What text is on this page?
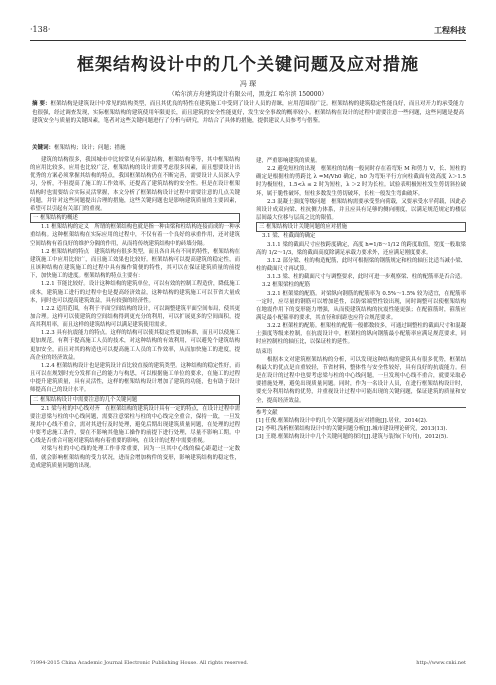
·138·	工程科技
框架结构设计中的几个关键问题及应对措施
冯 琛
（哈尔滨方舟建筑设计有限公司，黑龙江 哈尔滨 150000）
摘 要：框架结构是建筑设计中常见的结构类型，而且其优良的特性在建筑施工中受到了设计人员的青睐，应用范围很广泛。框架结构的建筑稳定性能良好，而且对开力的承受能力也很强，经过调查发现，实际框架结构的建筑使用年限更长，而且建筑的安全性能更好，发生安全事故的概率较小。框架结构在设计的过程中需要注意一些问题，这些问题是提高建筑安全与质量的关键因素，笔者对这些关键问题进行了分析与研究，并结合了具体的措施，提供建议人员参考与借鉴。
关键词：框架结构；设计；问题；措施

建筑的结构很多，我国城市中比较常见有砖混结构，框架结构等等，其中框架结构的应用比较多，应用也比较广泛，框架结构的设计需要考虑很多因素，而且想要设计出优秀的方案必须掌握其结构的特点，我国框架结构仍在不断完善，需要设计人员深入学习，分析，不但提高了施工的工作效率，还提高了建筑结构的安全性。但是在设计框架结构时也需要结合实际灵活掌握，本文分析了框架结构设计过程中需要注意的几点关键问题，并针对这些问题提出合理的措施，这些关键问题也是影响建筑质量的主要因素，希望可以引起有关部门的重视。

一 框架结构的概述

1.1 框架结构的定义　所谓的框架结构也就是指一种由梁和柱结构连接而成的一种承重结构。这种框架结构在实际应用的过程中，不仅有着一个良好的承重作用，还对建筑空间结构有着良好的维护分隔的作用，从而将传统建筑结构中的砖墙分隔。

1.2 框架结构的特点　建筑结构有很多类型，而且各自具有不同的特性，框架结构在建筑施工中应用比较广，而且施工效果也比较好。框架结构可以提高建筑的稳定性，而且该种结构在建筑施工的过程中具有操作简便的特性，其可以在保证建筑质量的前提下，加快施工的进度。框架结构的特点主要有：

1.2.1 节能比较好。设计这种结构的建筑单位，可以有效的控制工程造价，降低施工成本，建筑施工进行的过程中也是提高经济效益，这种结构的建筑施工可以节省大量成本，同时也可以提高建筑效益，具有较强的经济性。

1.2.2 适用范围，有利于平面空间结构的设计，可以调整建筑平面空间布局，使其更加合理。这样可以使建筑的空间结构得到更充分的利用，可以扩展更多的空间面积，提高其利用率，而且这样的建筑结构可以满足建筑使用需求。

1.2.3 具有抗震能力的特点。这样的结构可以使其稳定性更加标准，而且可以使施工更加规范，有利于提高施工人员的技术，对这种结构的有效利用，可以避免个建筑结构更加安全，而且对其的构造也可以提高施工人员的工作效率，从而加快施工的进度，提高企业的经济效益。

1.2.4 框架结构设计也是建筑设计首比较直接的建筑类型。这种结构的稳定性好，而且可以在规划时充分发挥自己的能力与构思，可以根据施工单位的要求，在施工的过程中提升建筑质量，具有灵活性，这样的框架结构设计增加了建筑的功能，也有助于设计师提高自己的设计水平。

二 框架结构设计中需要注意的几个关键问题

2.1 梁与柱的中心线对齐　在框架结构的建筑设计具有一定的特点，在设计过程中需要注意梁与柱的中心线问题，需要注意梁柱与柱的中心线完全重合，保持一致，一旦发现其中心线不重合，需对其进行及时处理，避免后期出现建筑质量问题，在处理的过程中要考虑施工条件，要在不影响其他施工操作的前提下进行处理，尽量不影响工期。中心线是否重合可能对建筑结构有着重要的影响，在设计的过程中需要重视。

对梁与柱的中心线的处理工作非常重要，因为一旦其中心线的偏心距超过一定数值，就会影响框架结构的受力状况，进而会增加构件的变形，影响建筑结构的稳定性，造成建筑质量问题的出现。

建，严重影响建筑的质量。

2.2 避免短柱的出现　框架柱的结构一般同时存在着弯矩 M 和剪力 V，长、短柱的确定是根据柱的剪跨比 λ =M/Vh0 确定，h0 为弯矩平行方向柱截面有效高度 λ＞1.5 时为极短柱，1.5<λ ≤ 2 时为短柱，λ ＞2 时为长柱。试验表明极短柱发生剪切斜拉破坏，属于脆性破坏，短柱多数发生剪切破坏，长柱一般发生弯曲破坏。

2.3 混凝土强度等级问题　框架结构需要承受竖向荷载，又要承受水平荷载，因此必须设计成双向梁、柱抗侧力体系，并且应具有足够的侧向刚度，以满足规范规定的楼层层间最大位移与层高之比的限值。

三 框架结构设计关键问题的应对措施

3.1 梁、柱截面的确定

3.1.1 梁的截面尺寸应按跨度确定，高度 h=1/8～1/12 的跨度取值，宽度一般取梁高的 1/2～1/3，梁的截面高度除满足承载力要求外，还应满足刚度要求。

3.1.2 部分梁、柱的构造配筋，此时可根据梁的钢筋规定和柱的轴压比适当减小梁、柱的截面尺寸再试算。

3.1.3 梁、柱的截面尺寸与调整要求，此时可进一步观察梁、柱的配筋率是否合适。

3.2 框架梁柱的配筋

3.2.1 框架梁的配筋。对梁纵向钢筋的配筋率为 0.5%～1.5% 较为适宜，在配筋率一定时，应尽量的钢筋可以增加延性，以防梁端塑性铰出现，同时调整可以使框架结构在地震作用下的变形能力增强，从而使建筑结构的抗震性能更强；在配箍筋时，箍筋应满足最小配箍率的要求，其直径和间距也应符合规范要求。

3.2.2 框架柱的配筋。框架柱的配筋一般都数较多，可通过调整柱的截面尺寸和混凝土强度等级来控制，在抗震设计中，框架柱的纵向钢筋最小配筋率应满足规范要求，同时应控制柱的轴压比，以保证柱的延性。

结束语

根据本文对建筑框架结构的分析，可以发现这种结构的建筑具有很多优势，框架结构最大的优点是自重较轻，节省材料，整体性与安全性较好，具有良好的抗震能力。但是在设计的过程中也要考虑梁与柱的中心线问题，一旦发现中心线不重合，就要采取必要措施处理，避免出现质量问题。同时，作为一名设计人员，在进行框架结构设计时，要充分利用结构的优势，并重视设计过程中可能出现的关键问题，保证建筑的质量和安全，提高经济效益。

参考文献

[1] 任俊.框架结构设计中的几个关键问题及应对措施[J].居业，2014(2).

[2] 李明.浅析框架结构设计中的关键问题分析[J].城市建设理论研究，2013(13).

[3] 王晓.框架结构设计中几个关键问题的探讨[J].建筑与装饰(下旬刊)，2012(5).

?1994-2015 China Academic Journal Electronic Publishing House. All rights reserved.	http://www.cnki.net
